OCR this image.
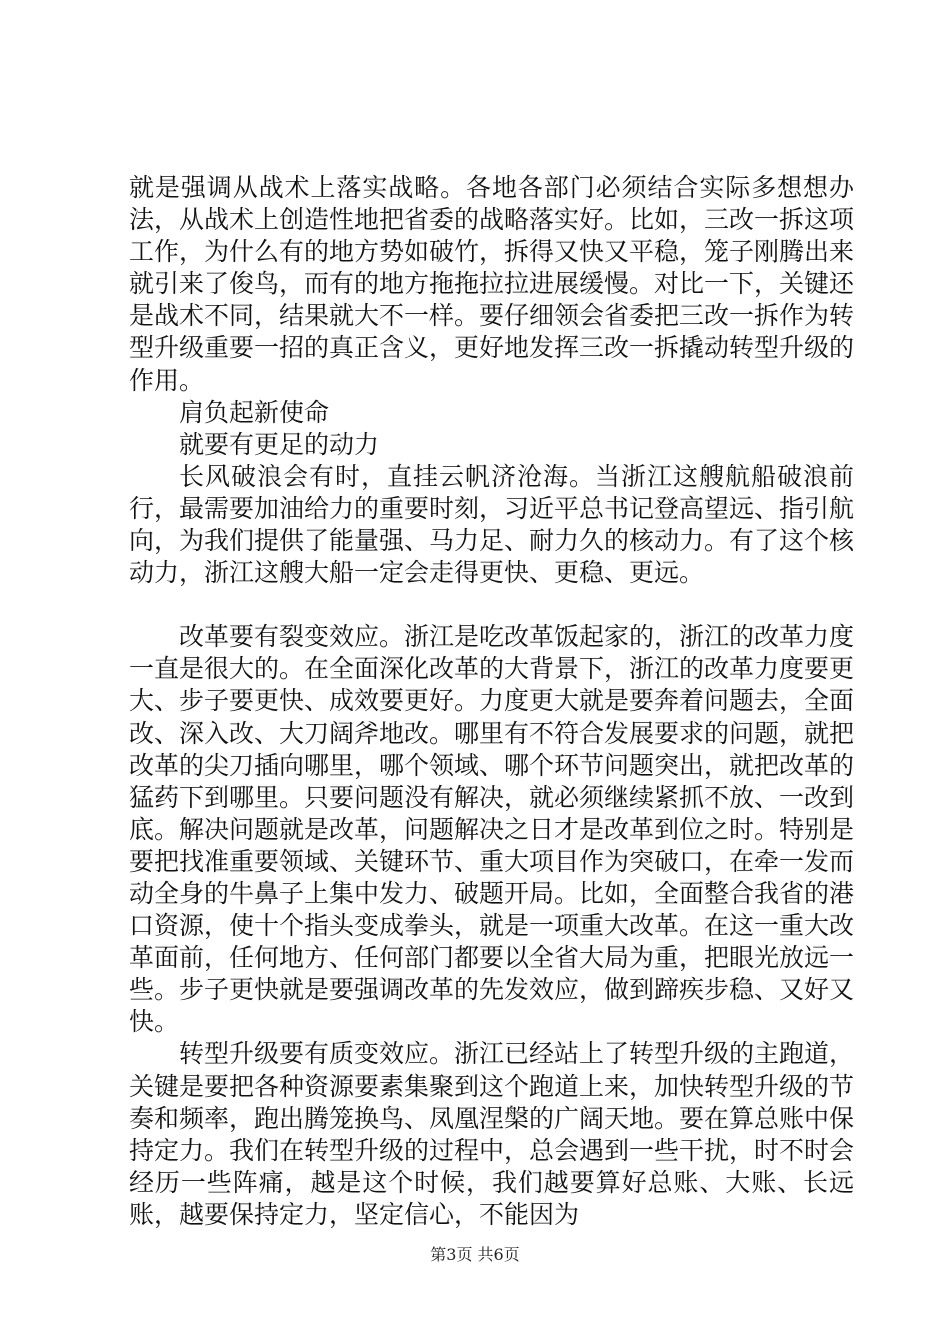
就是强调从战术上落实战略。各地各部门必须结合实际多想想办法，从战术上创造性地把省委的战略落实好。比如，三改一拆这项工作，为什么有的地方势如破竹，拆得又快又平稳，笼子刚腾出来就引来了俊鸟，而有的地方拖拖拉拉进展缓慢。对比一下，关键还是战术不同，结果就大不一样。要仔细领会省委把三改一拆作为转型升级重要一招的真正含义，更好地发挥三改一拆撬动转型升级的作用。

肩负起新使命

就要有更足的动力

长风破浪会有时，直挂云帆济沧海。当浙江这艘航船破浪前行，最需要加油给力的重要时刻，习近平总书记登高望远、指引航向，为我们提供了能量强、马力足、耐力久的核动力。有了这个核动力，浙江这艘大船一定会走得更快、更稳、更远。

改革要有裂变效应。浙江是吃改革饭起家的，浙江的改革力度一直是很大的。在全面深化改革的大背景下，浙江的改革力度要更大、步子要更快、成效要更好。力度更大就是要奔着问题去，全面改、深入改、大刀阔斧地改。哪里有不符合发展要求的问题，就把改革的尖刀插向哪里，哪个领域、哪个环节问题突出，就把改革的猛药下到哪里。只要问题没有解决，就必须继续紧抓不放、一改到底。解决问题就是改革，问题解决之日才是改革到位之时。特别是要把找准重要领域、关键环节、重大项目作为突破口，在牵一发而动全身的牛鼻子上集中发力、破题开局。比如，全面整合我省的港口资源，使十个指头变成拳头，就是一项重大改革。在这一重大改革面前，任何地方、任何部门都要以全省大局为重，把眼光放远一些。步子更快就是要强调改革的先发效应，做到蹄疾步稳、又好又快。

转型升级要有质变效应。浙江已经站上了转型升级的主跑道，关键是要把各种资源要素集聚到这个跑道上来，加快转型升级的节奏和频率，跑出腾笼换鸟、凤凰涅槃的广阔天地。要在算总账中保持定力。我们在转型升级的过程中，总会遇到一些干扰，时不时会经历一些阵痛，越是这个时候，我们越要算好总账、大账、长远账，越要保持定力，坚定信心，不能因为

第3页 共6页
